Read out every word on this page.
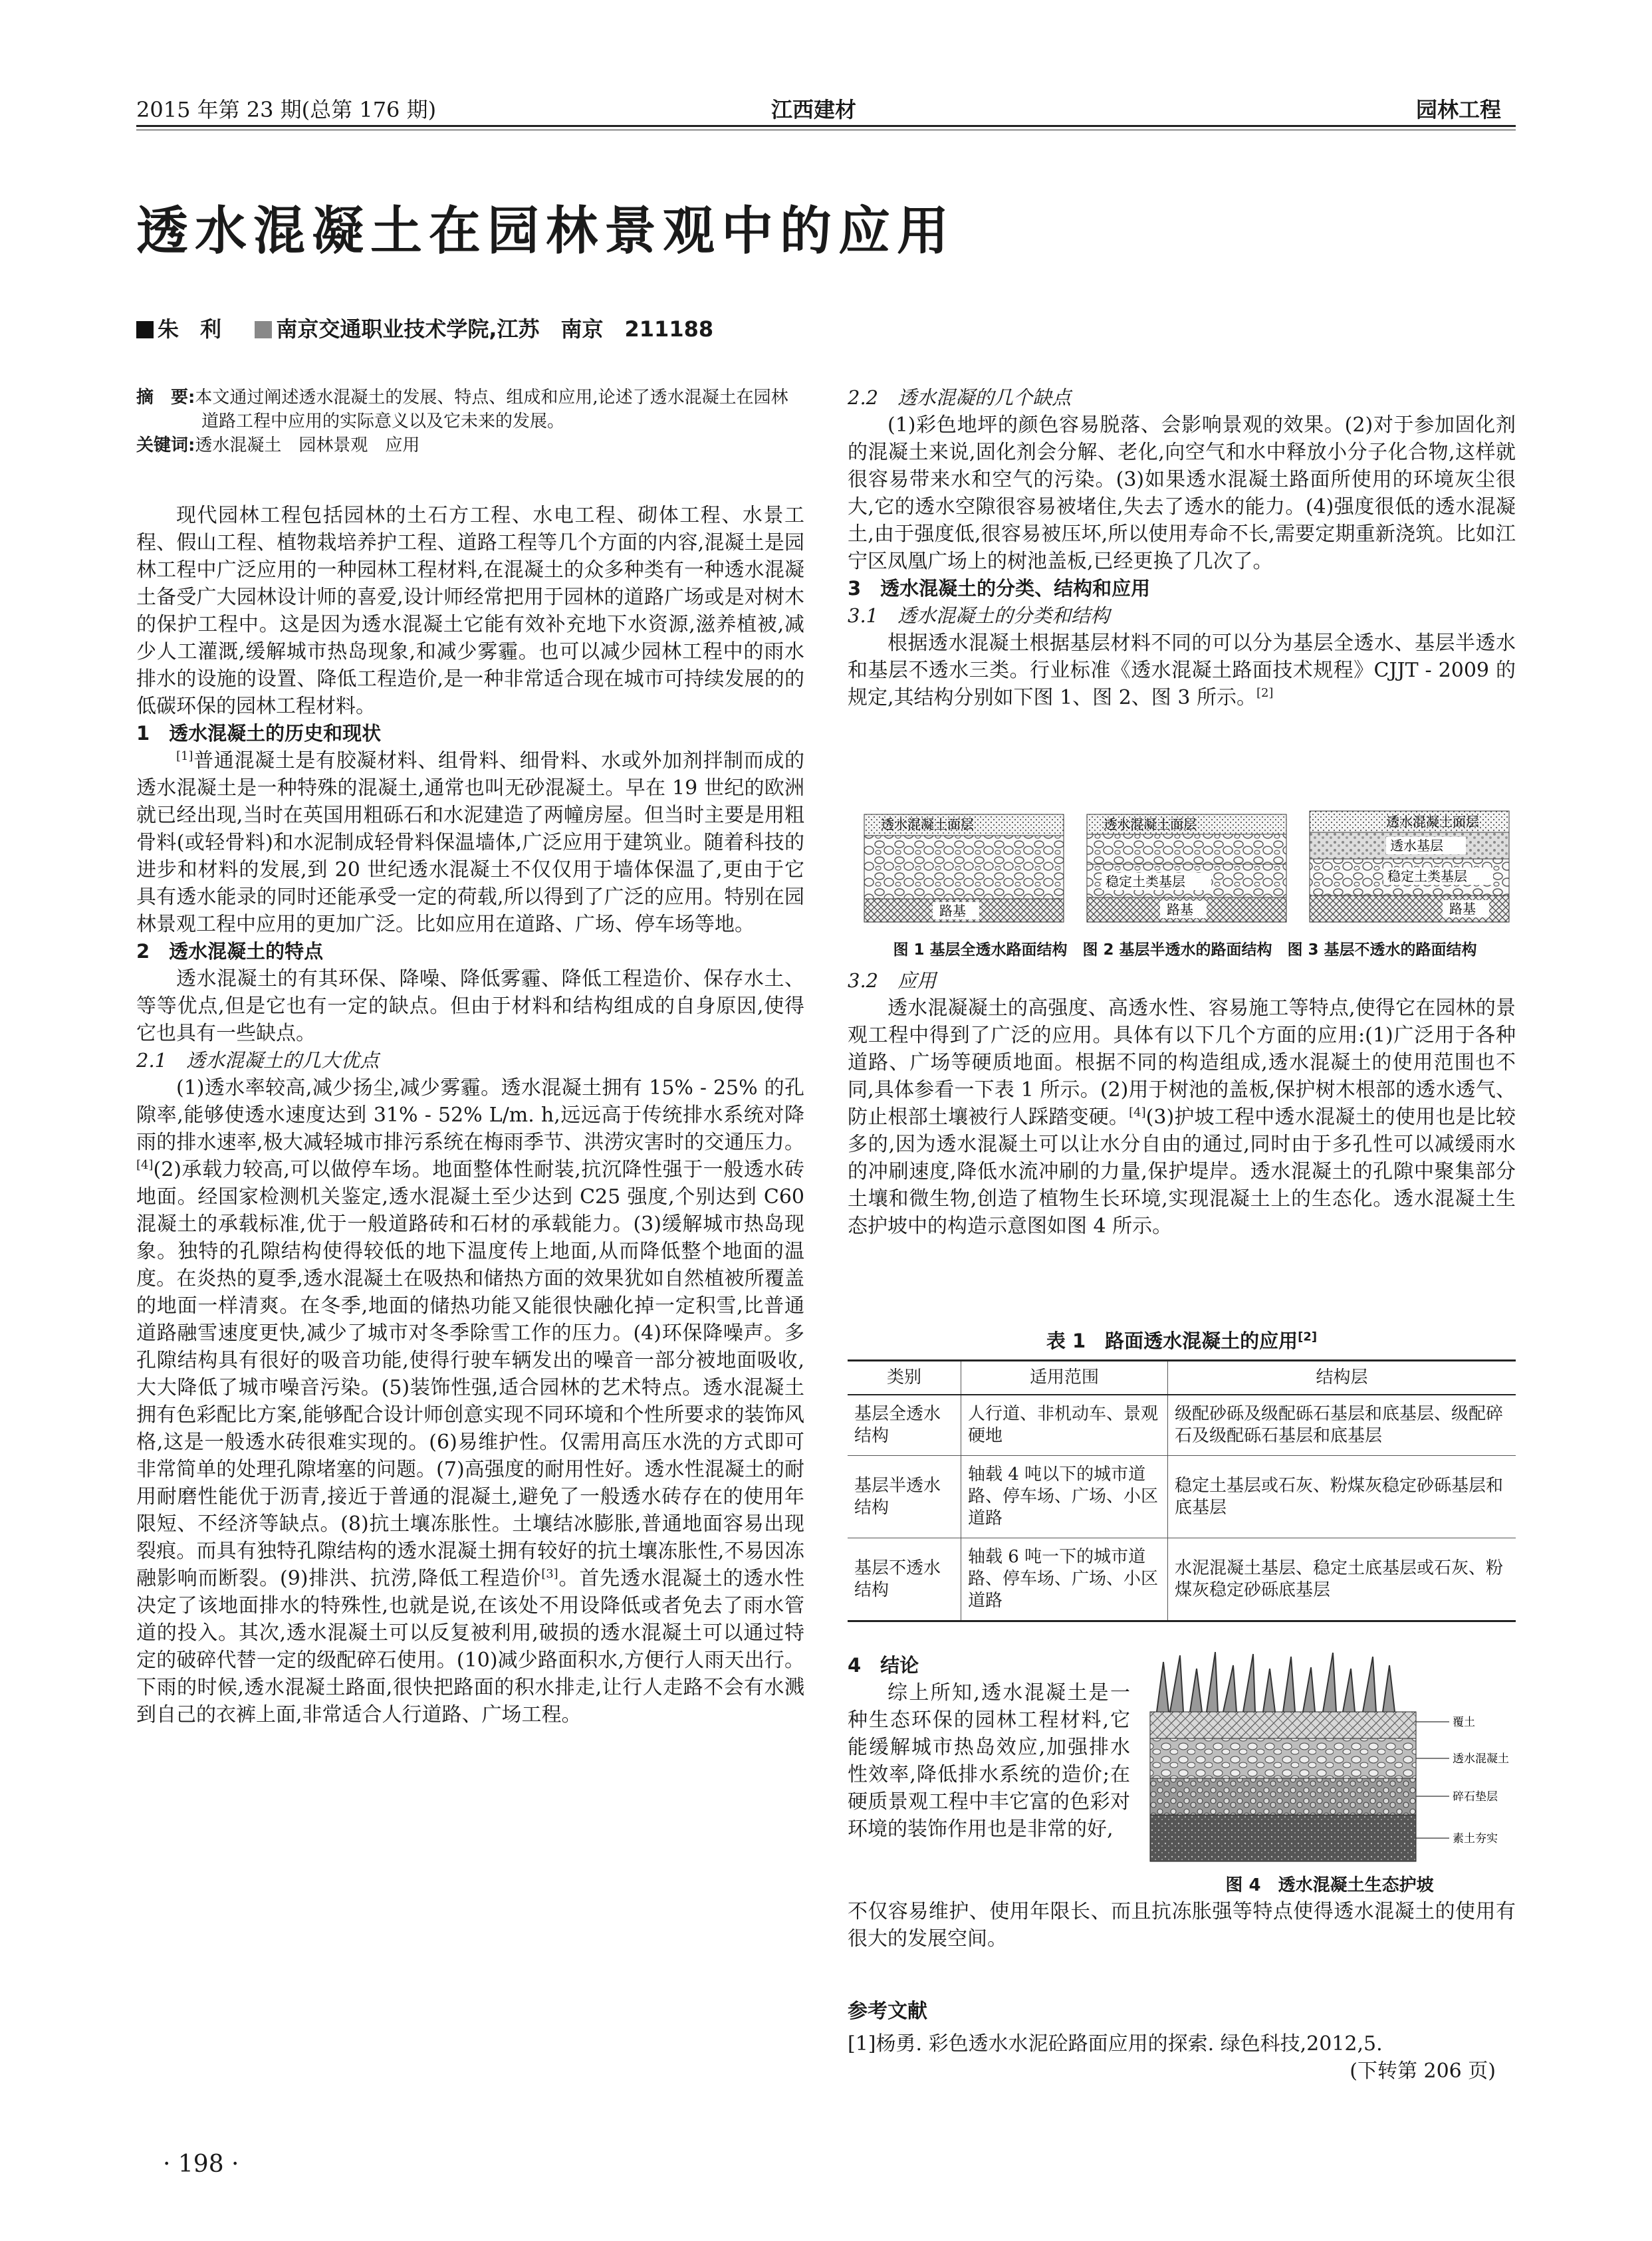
2015 年第 23 期(总第 176 期)	江西建材	园林工程
透水混凝土在园林景观中的应用
朱　利	南京交通职业技术学院,江苏　南京　211188
摘　要:本文通过阐述透水混凝土的发展、特点、组成和应用,论述了透水混凝土在园林道路工程中应用的实际意义以及它未来的发展。
关键词:透水混凝土　园林景观　应用

现代园林工程包括园林的土石方工程、水电工程、砌体工程、水景工程、假山工程、植物栽培养护工程、道路工程等几个方面的内容,混凝土是园林工程中广泛应用的一种园林工程材料,在混凝土的众多种类有一种透水混凝土备受广大园林设计师的喜爱,设计师经常把用于园林的道路广场或是对树木的保护工程中。这是因为透水混凝土它能有效补充地下水资源,滋养植被,减少人工灌溉,缓解城市热岛现象,和减少雾霾。也可以减少园林工程中的雨水排水的设施的设置、降低工程造价,是一种非常适合现在城市可持续发展的的低碳环保的园林工程材料。

1　透水混凝土的历史和现状

[1]普通混凝土是有胶凝材料、组骨料、细骨料、水或外加剂拌制而成的透水混凝土是一种特殊的混凝土,通常也叫无砂混凝土。早在 19 世纪的欧洲就已经出现,当时在英国用粗砾石和水泥建造了两幢房屋。但当时主要是用粗骨料(或轻骨料)和水泥制成轻骨料保温墙体,广泛应用于建筑业。随着科技的进步和材料的发展,到 20 世纪透水混凝土不仅仅用于墙体保温了,更由于它具有透水能录的同时还能承受一定的荷载,所以得到了广泛的应用。特别在园林景观工程中应用的更加广泛。比如应用在道路、广场、停车场等地。

2　透水混凝土的特点

透水混凝土的有其环保、降噪、降低雾霾、降低工程造价、保存水土、等等优点,但是它也有一定的缺点。但由于材料和结构组成的自身原因,使得它也具有一些缺点。

2.1　透水混凝土的几大优点

(1)透水率较高,减少扬尘,减少雾霾。透水混凝土拥有 15% - 25% 的孔隙率,能够使透水速度达到 31% - 52% L/m. h,远远高于传统排水系统对降雨的排水速率,极大减轻城市排污系统在梅雨季节、洪涝灾害时的交通压力。[4](2)承载力较高,可以做停车场。地面整体性耐装,抗沉降性强于一般透水砖地面。经国家检测机关鉴定,透水混凝土至少达到 C25 强度,个别达到 C60 混凝土的承载标准,优于一般道路砖和石材的承载能力。(3)缓解城市热岛现象。独特的孔隙结构使得较低的地下温度传上地面,从而降低整个地面的温度。在炎热的夏季,透水混凝土在吸热和储热方面的效果犹如自然植被所覆盖的地面一样清爽。在冬季,地面的储热功能又能很快融化掉一定积雪,比普通道路融雪速度更快,减少了城市对冬季除雪工作的压力。(4)环保降噪声。多孔隙结构具有很好的吸音功能,使得行驶车辆发出的噪音一部分被地面吸收,大大降低了城市噪音污染。(5)装饰性强,适合园林的艺术特点。透水混凝土拥有色彩配比方案,能够配合设计师创意实现不同环境和个性所要求的装饰风格,这是一般透水砖很难实现的。(6)易维护性。仅需用高压水洗的方式即可非常简单的处理孔隙堵塞的问题。(7)高强度的耐用性好。透水性混凝土的耐用耐磨性能优于沥青,接近于普通的混凝土,避免了一般透水砖存在的使用年限短、不经济等缺点。(8)抗土壤冻胀性。土壤结冰膨胀,普通地面容易出现裂痕。而具有独特孔隙结构的透水混凝土拥有较好的抗土壤冻胀性,不易因冻融影响而断裂。(9)排洪、抗涝,降低工程造价[3]。首先透水混凝土的透水性决定了该地面排水的特殊性,也就是说,在该处不用设降低或者免去了雨水管道的投入。其次,透水混凝土可以反复被利用,破损的透水混凝土可以通过特定的破碎代替一定的级配碎石使用。(10)减少路面积水,方便行人雨天出行。下雨的时候,透水混凝土路面,很快把路面的积水排走,让行人走路不会有水溅到自己的衣裤上面,非常适合人行道路、广场工程。

2.2　透水混凝的几个缺点

(1)彩色地坪的颜色容易脱落、会影响景观的效果。(2)对于参加固化剂的混凝土来说,固化剂会分解、老化,向空气和水中释放小分子化合物,这样就很容易带来水和空气的污染。(3)如果透水混凝土路面所使用的环境灰尘很大,它的透水空隙很容易被堵住,失去了透水的能力。(4)强度很低的透水混凝土,由于强度低,很容易被压坏,所以使用寿命不长,需要定期重新浇筑。比如江宁区凤凰广场上的树池盖板,已经更换了几次了。

3　透水混凝土的分类、结构和应用

3.1　透水混凝土的分类和结构

根据透水混凝土根据基层材料不同的可以分为基层全透水、基层半透水和基层不透水三类。行业标准《透水混凝土路面技术规程》CJJT - 2009 的规定,其结构分别如下图 1、图 2、图 3 所示。[2]

透水混凝土面层
路基
透水混凝土面层
稳定土类基层
路基
透水混凝土面层
透水基层
稳定土类基层
路基
图 1 基层全透水路面结构　图 2 基层半透水的路面结构　图 3 基层不透水的路面结构

3.2　应用

透水混凝凝土的高强度、高透水性、容易施工等特点,使得它在园林的景观工程中得到了广泛的应用。具体有以下几个方面的应用:(1)广泛用于各种道路、广场等硬质地面。根据不同的构造组成,透水混凝土的使用范围也不同,具体参看一下表 1 所示。(2)用于树池的盖板,保护树木根部的透水透气、防止根部土壤被行人踩踏变硬。[4](3)护坡工程中透水混凝土的使用也是比较多的,因为透水混凝土可以让水分自由的通过,同时由于多孔性可以减缓雨水的冲刷速度,降低水流冲刷的力量,保护堤岸。透水混凝土的孔隙中聚集部分土壤和微生物,创造了植物生长环境,实现混凝土上的生态化。透水混凝土生态护坡中的构造示意图如图 4 所示。

表 1　路面透水混凝土的应用[2]
类别	适用范围	结构层
基层全透水结构	人行道、非机动车、景观硬地	级配砂砾及级配砾石基层和底基层、级配碎石及级配砾石基层和底基层
基层半透水结构	轴载 4 吨以下的城市道路、停车场、广场、小区道路	稳定土基层或石灰、粉煤灰稳定砂砾基层和底基层
基层不透水结构	轴载 6 吨一下的城市道路、停车场、广场、小区道路	水泥混凝土基层、稳定土底基层或石灰、粉煤灰稳定砂砾底基层

4　结论

综上所知,透水混凝土是一种生态环保的园林工程材料,它能缓解城市热岛效应,加强排水性效率,降低排水系统的造价;在硬质景观工程中丰它富的色彩对环境的装饰作用也是非常的好,

不仅容易维护、使用年限长、而且抗冻胀强等特点使得透水混凝土的使用有很大的发展空间。

覆土
透水混凝土
碎石垫层
素土夯实
图 4　透水混凝土生态护坡

参考文献

[1]杨勇. 彩色透水水泥砼路面应用的探索. 绿色科技,2012,5.

(下转第 206 页)

· 198 ·
